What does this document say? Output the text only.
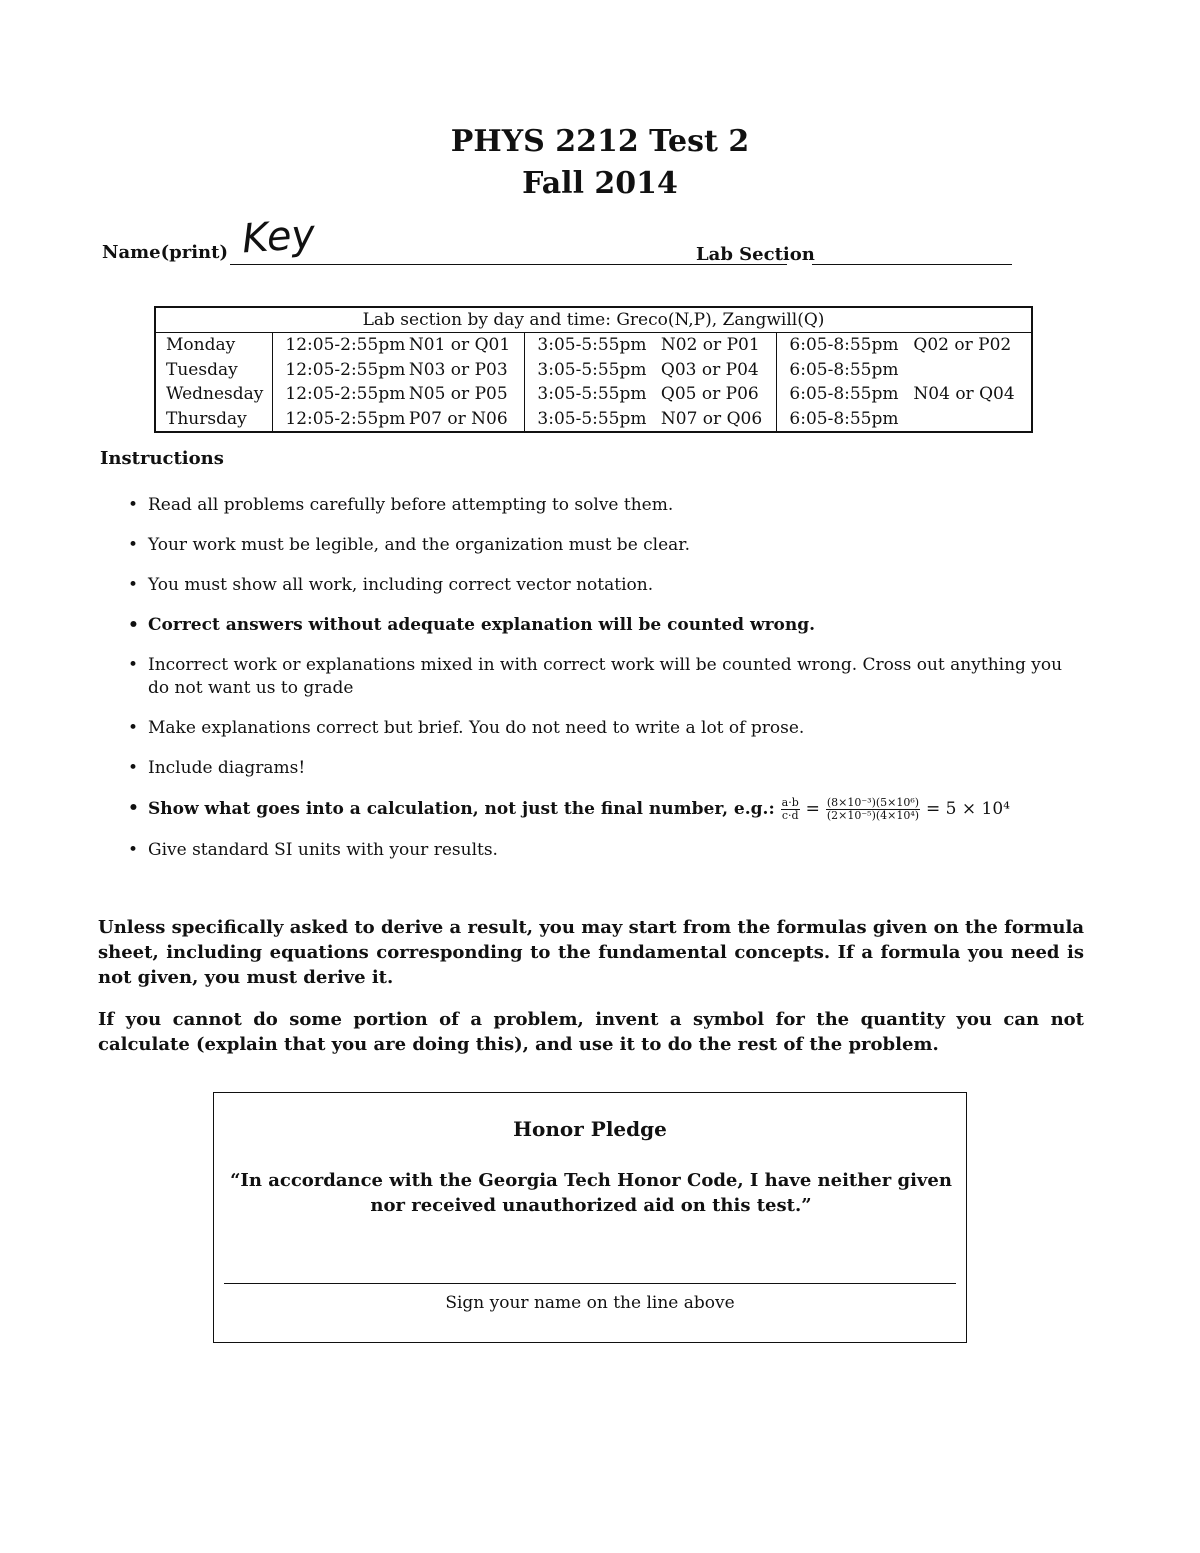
PHYS 2212 Test 2
Fall 2014
Name(print) Key	Lab Section
Lab section by day and time: Greco(N,P), Zangwill(Q)
Monday
Tuesday
Wednesday
Thursday
12:05-2:55pm
12:05-2:55pm
12:05-2:55pm
12:05-2:55pm
N01 or Q01
N03 or P03
N05 or P05
P07 or N06
3:05-5:55pm
3:05-5:55pm
3:05-5:55pm
3:05-5:55pm
N02 or P01
Q03 or P04
Q05 or P06
N07 or Q06
6:05-8:55pm
6:05-8:55pm
6:05-8:55pm
6:05-8:55pm
Q02 or P02
N04 or Q04
Instructions
• Read all problems carefully before attempting to solve them.
• Your work must be legible, and the organization must be clear.
• You must show all work, including correct vector notation.
• Correct answers without adequate explanation will be counted wrong.
• Incorrect work or explanations mixed in with correct work will be counted wrong. Cross out anything you do not want us to grade
• Make explanations correct but brief. You do not need to write a lot of prose.
• Include diagrams!
• Show what goes into a calculation, not just the final number, e.g.: $\frac{a\cdot b}{c\cdot d} = \frac{\text{(8×10⁻³)(5×10⁶)}}{\text{(2×10⁻⁵)(4×10⁴)}} = 5 \times 10^4$
• Give standard SI units with your results.
Unless specifically asked to derive a result, you may start from the formulas given on the formula sheet, including equations corresponding to the fundamental concepts. If a formula you need is not given, you must derive it.
If you cannot do some portion of a problem, invent a symbol for the quantity you can not calculate (explain that you are doing this), and use it to do the rest of the problem.
Honor Pledge
“In accordance with the Georgia Tech Honor Code, I have neither given nor received unauthorized aid on this test.”
Sign your name on the line above
